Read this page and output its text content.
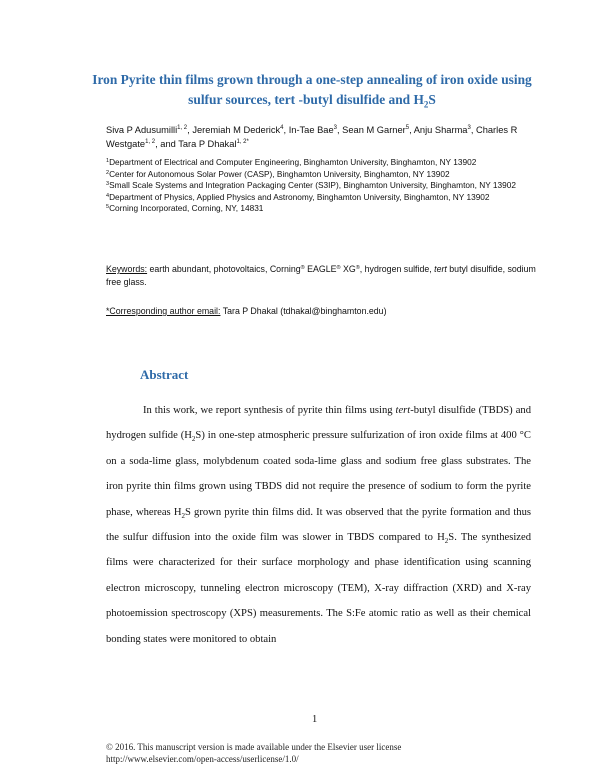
Iron Pyrite thin films grown through a one-step annealing of iron oxide using sulfur sources, tert -butyl disulfide and $H_2S$
Siva P Adusumilli$^{1, 2}$, Jeremiah M Dederick$^4$, In-Tae Bae$^3$, Sean M Garner$^5$, Anju Sharma$^3$, Charles R Westgate$^{1, 2}$, and Tara P Dhakal$^{1, 2*}$
$^1$Department of Electrical and Computer Engineering, Binghamton University, Binghamton, NY 13902
$^2$Center for Autonomous Solar Power (CASP), Binghamton University, Binghamton, NY 13902
$^3$Small Scale Systems and Integration Packaging Center (S3IP), Binghamton University, Binghamton, NY 13902
$^4$Department of Physics, Applied Physics and Astronomy, Binghamton University, Binghamton, NY 13902
$^5$Corning Incorporated, Corning, NY, 14831
Keywords: earth abundant, photovoltaics, Corning® EAGLE® XG®, hydrogen sulfide, tert butyl disulfide, sodium free glass.
*Corresponding author email: Tara P Dhakal (tdhakal@binghamton.edu)
Abstract
In this work, we report synthesis of pyrite thin films using tert-butyl disulfide (TBDS) and hydrogen sulfide $(H_2S)$ in one-step atmospheric pressure sulfurization of iron oxide films at 400 °C on a soda-lime glass, molybdenum coated soda-lime glass and sodium free glass substrates. The iron pyrite thin films grown using TBDS did not require the presence of sodium to form the pyrite phase, whereas $H_2S$ grown pyrite thin films did. It was observed that the pyrite formation and thus the sulfur diffusion into the oxide film was slower in TBDS compared to $H_2S$. The synthesized films were characterized for their surface morphology and phase identification using scanning electron microscopy, tunneling electron microscopy (TEM), X-ray diffraction (XRD) and X-ray photoemission spectroscopy (XPS) measurements. The S:Fe atomic ratio as well as their chemical bonding states were monitored to obtain
1
© 2016. This manuscript version is made available under the Elsevier user license
http://www.elsevier.com/open-access/userlicense/1.0/
